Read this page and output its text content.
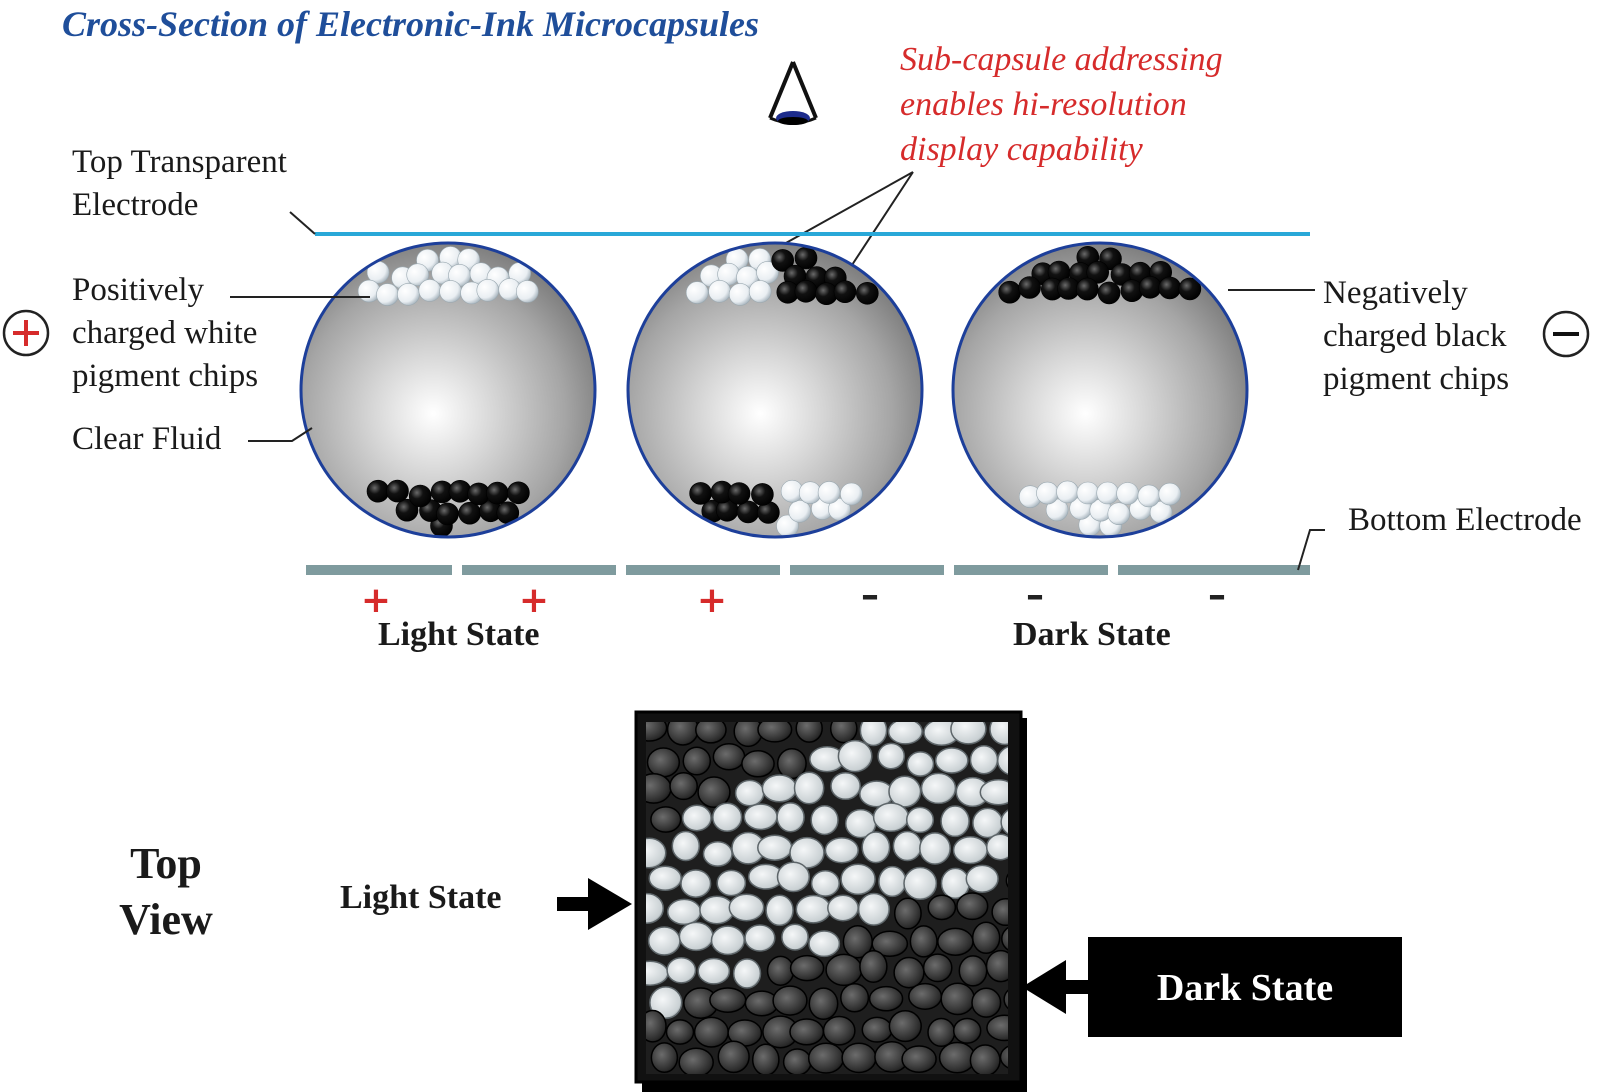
Cross-Section of Electronic-Ink Microcapsules
Sub-capsule addressing
enables hi-resolution
display capability
Top Transparent
Electrode
Positively
charged white
pigment chips
Clear Fluid
Negatively
charged black
pigment chips
Bottom Electrode
+	+	+	–	–	–
Light State	Dark State
Top
View	Light State
Dark State
